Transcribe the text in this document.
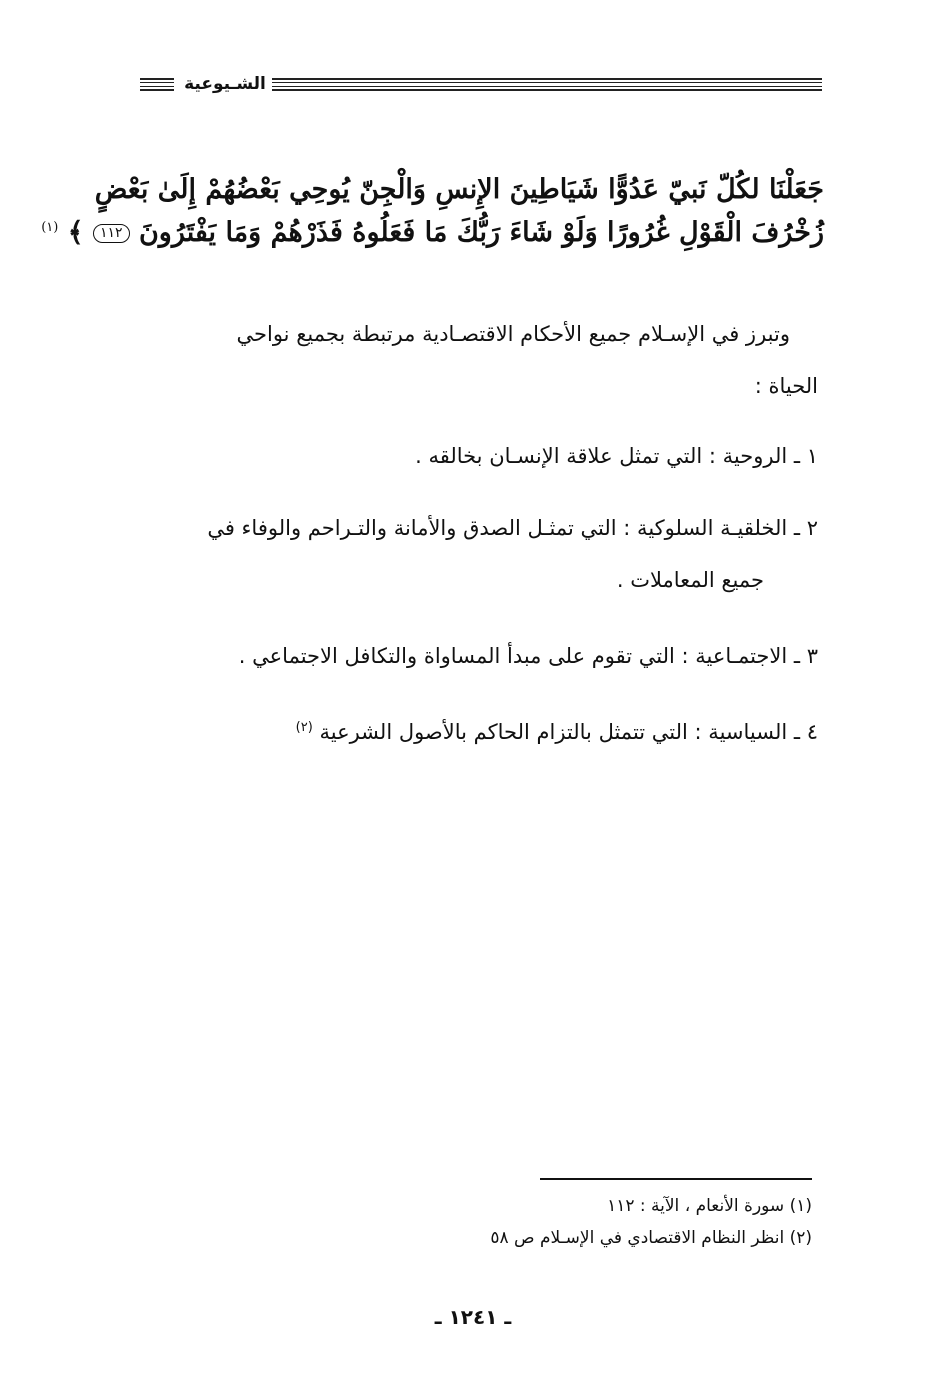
الشـيوعية
جَعَلْنَا لكُلّ نَبيّ عَدُوًّا شَيَاطِينَ الإِنسِ وَالْجِنّ يُوحِي بَعْضُهُمْ إِلَىٰ بَعْضٍ
زُخْرُفَ الْقَوْلِ غُرُورًا وَلَوْ شَاءَ رَبُّكَ مَا فَعَلُوهُ فَذَرْهُمْ وَمَا يَفْتَرُونَ ١١٢ ﴾ $^{(١)}$
وتبرز في الإسـلام جميع الأحكام الاقتصـادية مرتبطة بجميع نواحي
الحياة :
١ ـ الروحية : التي تمثل علاقة الإنسـان بخالقه .
٢ ـ الخلقيـة السلوكية : التي تمثـل الصدق والأمانة والتـراحم والوفاء في
جميع المعاملات .
٣ ـ الاجتمـاعية : التي تقوم على مبدأ المساواة والتكافل الاجتماعي .
٤ ـ السياسية : التي تتمثل بالتزام الحاكم بالأصول الشرعية $^{(٢)}$
(١) سورة الأنعام ، الآية : ١١٢
(٢) انظر النظام الاقتصادي في الإسـلام ص ٥٨
ـ ١٢٤١ ـ
